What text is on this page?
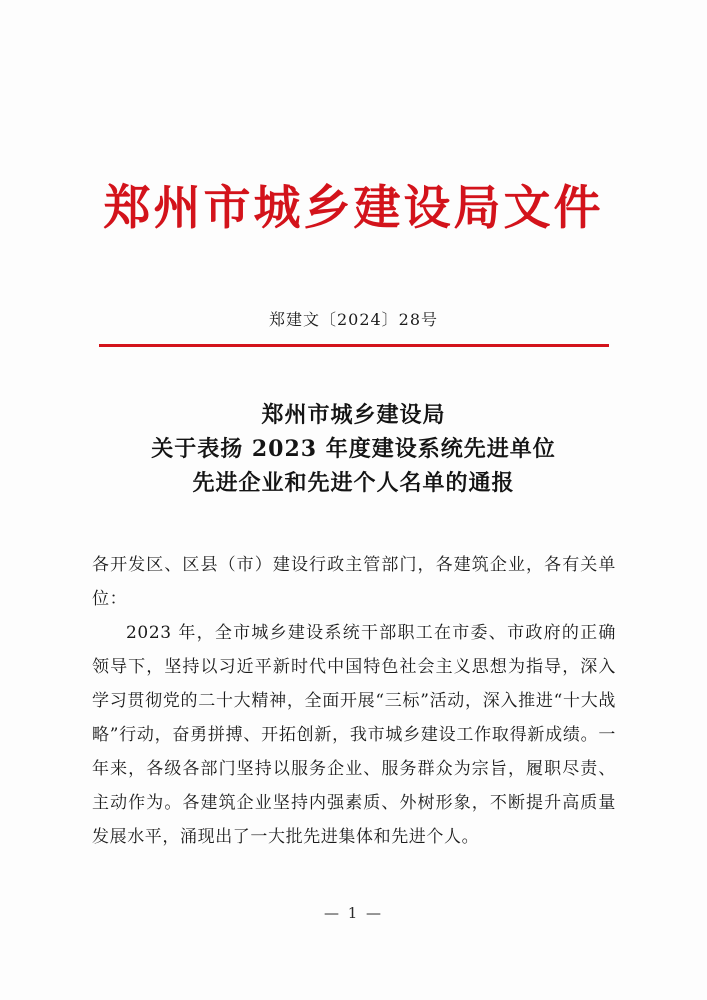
郑州市城乡建设局文件
郑建文〔2024〕28号
郑州市城乡建设局
关于表扬 2023 年度建设系统先进单位
先进企业和先进个人名单的通报

各开发区、区县（市）建设行政主管部门，各建筑企业，各有关单位：

2023 年，全市城乡建设系统干部职工在市委、市政府的正确领导下，坚持以习近平新时代中国特色社会主义思想为指导，深入学习贯彻党的二十大精神，全面开展“三标”活动，深入推进“十大战略”行动，奋勇拼搏、开拓创新，我市城乡建设工作取得新成绩。一年来，各级各部门坚持以服务企业、服务群众为宗旨，履职尽责、主动作为。各建筑企业坚持内强素质、外树形象，不断提升高质量发展水平，涌现出了一大批先进集体和先进个人。

— 1 —
